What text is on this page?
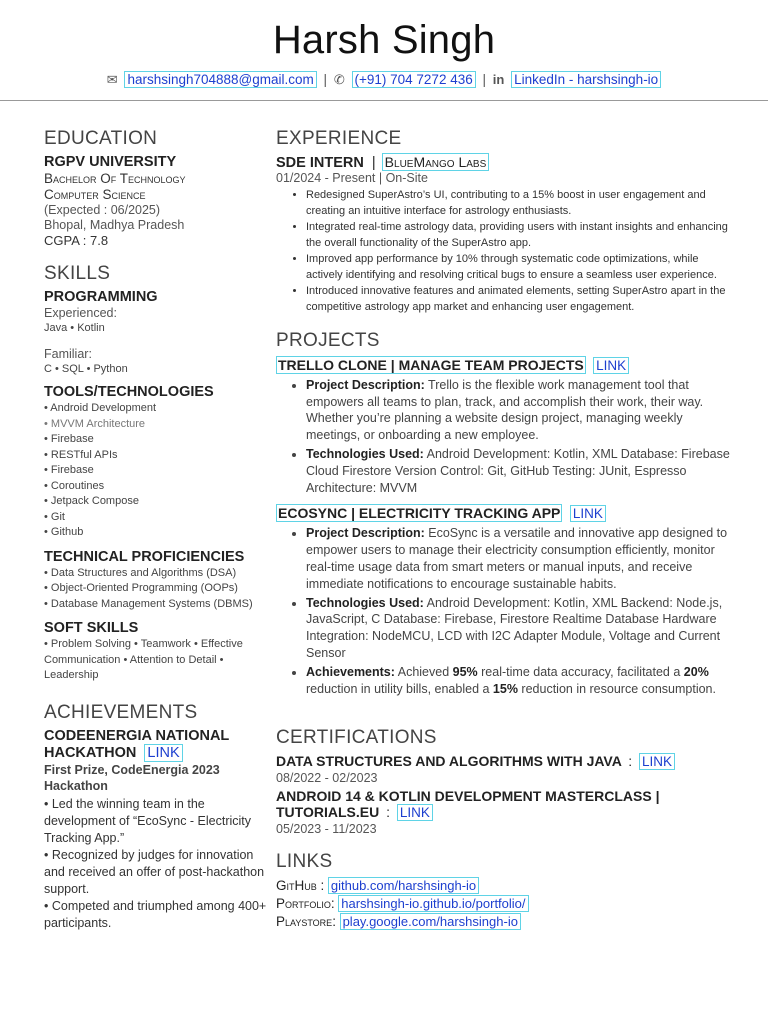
Harsh Singh
✉ harshsingh704888@gmail.com | ✆ (+91) 704 7272 436 | in LinkedIn - harshsingh-io
EDUCATION
RGPV UNIVERSITY
Bachelor Of Technology
Computer Science
(Expected : 06/2025)
Bhopal, Madhya Pradesh
CGPA : 7.8
SKILLS
PROGRAMMING
Experienced:
Java • Kotlin
Familiar:
C • SQL • Python
TOOLS/TECHNOLOGIES
• Android Development
• MVVM Architecture
• Firebase
• RESTful APIs
• Firebase
• Coroutines
• Jetpack Compose
• Git
• Github
TECHNICAL PROFICIENCIES
• Data Structures and Algorithms (DSA)
• Object-Oriented Programming (OOPs)
• Database Management Systems (DBMS)
SOFT SKILLS
• Problem Solving • Teamwork • Effective Communication • Attention to Detail • Leadership
ACHIEVEMENTS
CODEENERGIA NATIONAL
HACKATHON LINK
First Prize, CodeEnergia 2023 Hackathon
• Led the winning team in the development of “EcoSync - Electricity Tracking App.”
• Recognized by judges for innovation and received an offer of post-hackathon support.
• Competed and triumphed among 400+ participants.
EXPERIENCE
SDE INTERN | BlueMango Labs
01/2024 - Present | On-Site
• Redesigned SuperAstro’s UI, contributing to a 15% boost in user engagement and creating an intuitive interface for astrology enthusiasts.
• Integrated real-time astrology data, providing users with instant insights and enhancing the overall functionality of the SuperAstro app.
• Improved app performance by 10% through systematic code optimizations, while actively identifying and resolving critical bugs to ensure a seamless user experience.
• Introduced innovative features and animated elements, setting SuperAstro apart in the competitive astrology app market and enhancing user engagement.
PROJECTS
TRELLO CLONE | MANAGE TEAM PROJECTS LINK
• Project Description: Trello is the flexible work management tool that empowers all teams to plan, track, and accomplish their work, their way. Whether you’re planning a website design project, managing weekly meetings, or onboarding a new employee.
• Technologies Used: Android Development: Kotlin, XML Database: Firebase Cloud Firestore Version Control: Git, GitHub Testing: JUnit, Espresso Architecture: MVVM
ECOSYNC | ELECTRICITY TRACKING APP LINK
• Project Description: EcoSync is a versatile and innovative app designed to empower users to manage their electricity consumption efficiently, monitor real-time usage data from smart meters or manual inputs, and receive immediate notifications to encourage sustainable habits.
• Technologies Used: Android Development: Kotlin, XML Backend: Node.js, JavaScript, C Database: Firebase, Firestore Realtime Database Hardware Integration: NodeMCU, LCD with I2C Adapter Module, Voltage and Current Sensor
• Achievements: Achieved 95% real-time data accuracy, facilitated a 20% reduction in utility bills, enabled a 15% reduction in resource consumption.
CERTIFICATIONS
DATA STRUCTURES AND ALGORITHMS WITH JAVA : LINK
08/2022 - 02/2023
ANDROID 14 & KOTLIN DEVELOPMENT MASTERCLASS |
TUTORIALS.EU : LINK
05/2023 - 11/2023
LINKS
GitHub : github.com/harshsingh-io
Portfolio: harshsingh-io.github.io/portfolio/
Playstore: play.google.com/harshsingh-io
